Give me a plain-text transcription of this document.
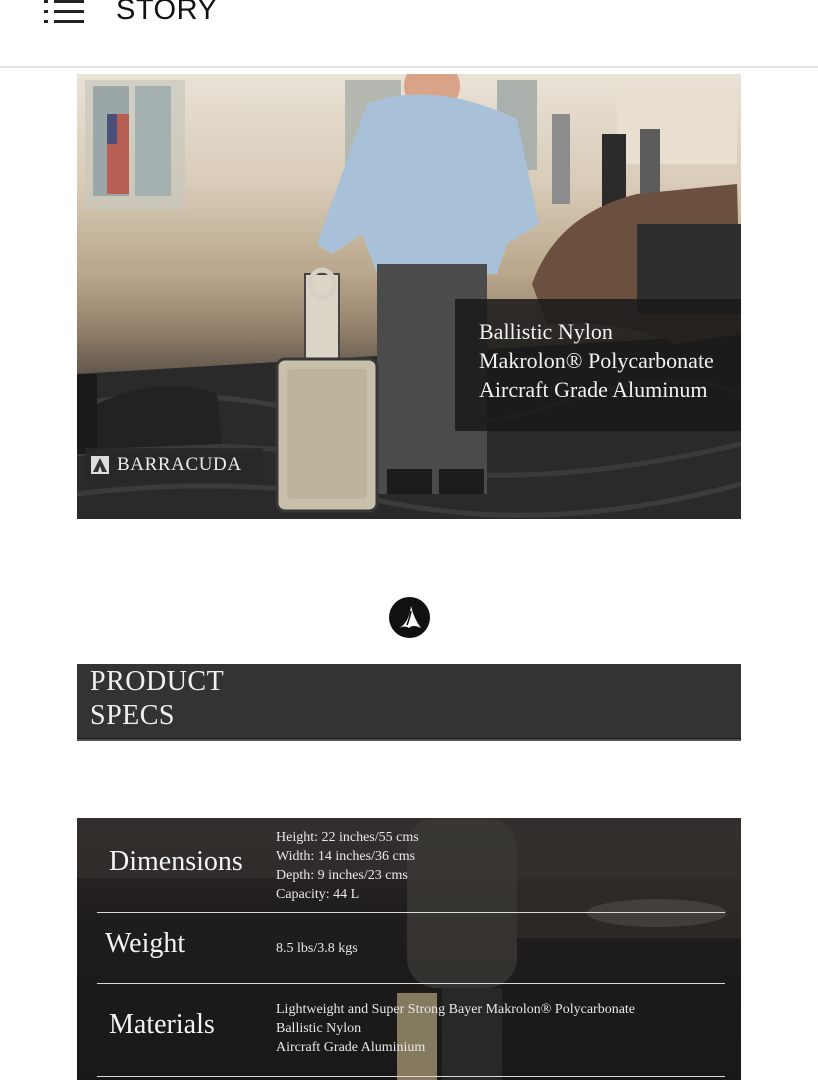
STORY
Ballistic Nylon
Makrolon® Polycarbonate
Aircraft Grade Aluminum
BARRACUDA
PRODUCT
SPECS
Dimensions
Height: 22 inches/55 cms
Width: 14 inches/36 cms
Depth: 9 inches/23 cms
Capacity: 44 L
Weight	8.5 lbs/3.8 kgs
Materials	Lightweight and Super Strong Bayer Makrolon® Polycarbonate
Ballistic Nylon
Aircraft Grade Aluminium
